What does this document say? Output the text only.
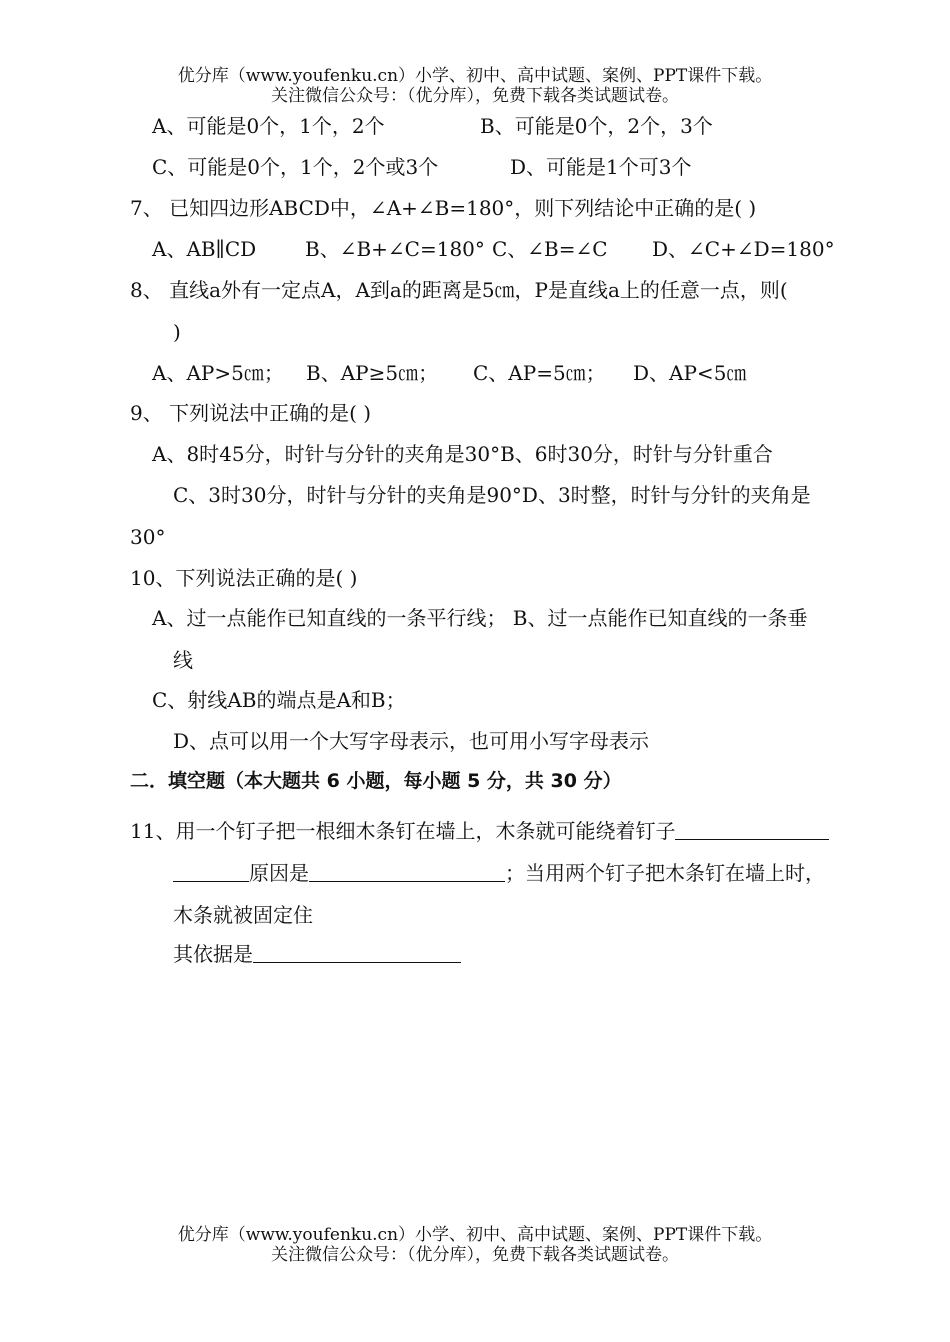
优分库（www.youfenku.cn）小学、初中、高中试题、案例、PPT课件下载。
关注微信公众号：（优分库），免费下载各类试题试卷。
A、可能是0个，1个，2个	B、可能是0个，2个，3个
C、可能是0个，1个，2个或3个	D、可能是1个可3个
7、 已知四边形ABCD中，∠A+∠B=180°，则下列结论中正确的是( )
A、AB∥CD B、∠B+∠C=180° C、∠B=∠C D、∠C+∠D=180°
8、 直线a外有一定点A，A到a的距离是5㎝，P是直线a上的任意一点，则(
)
A、AP>5㎝； B、AP≥5㎝； C、AP=5㎝； D、AP<5㎝
9、 下列说法中正确的是( )
A、8时45分，时针与分针的夹角是30°B、6时30分，时针与分针重合
C、3时30分，时针与分针的夹角是90°D、3时整，时针与分针的夹角是
30°
10、下列说法正确的是( )
A、过一点能作已知直线的一条平行线； B、过一点能作已知直线的一条垂
线
C、射线AB的端点是A和B；
D、点可以用一个大写字母表示，也可用小写字母表示
二．填空题（本大题共 6 小题，每小题 5 分，共 30 分）
11、用一个钉子把一根细木条钉在墙上，木条就可能绕着钉子
原因是	；当用两个钉子把木条钉在墙上时，
木条就被固定住
其依据是
优分库（www.youfenku.cn）小学、初中、高中试题、案例、PPT课件下载。
关注微信公众号：（优分库），免费下载各类试题试卷。
